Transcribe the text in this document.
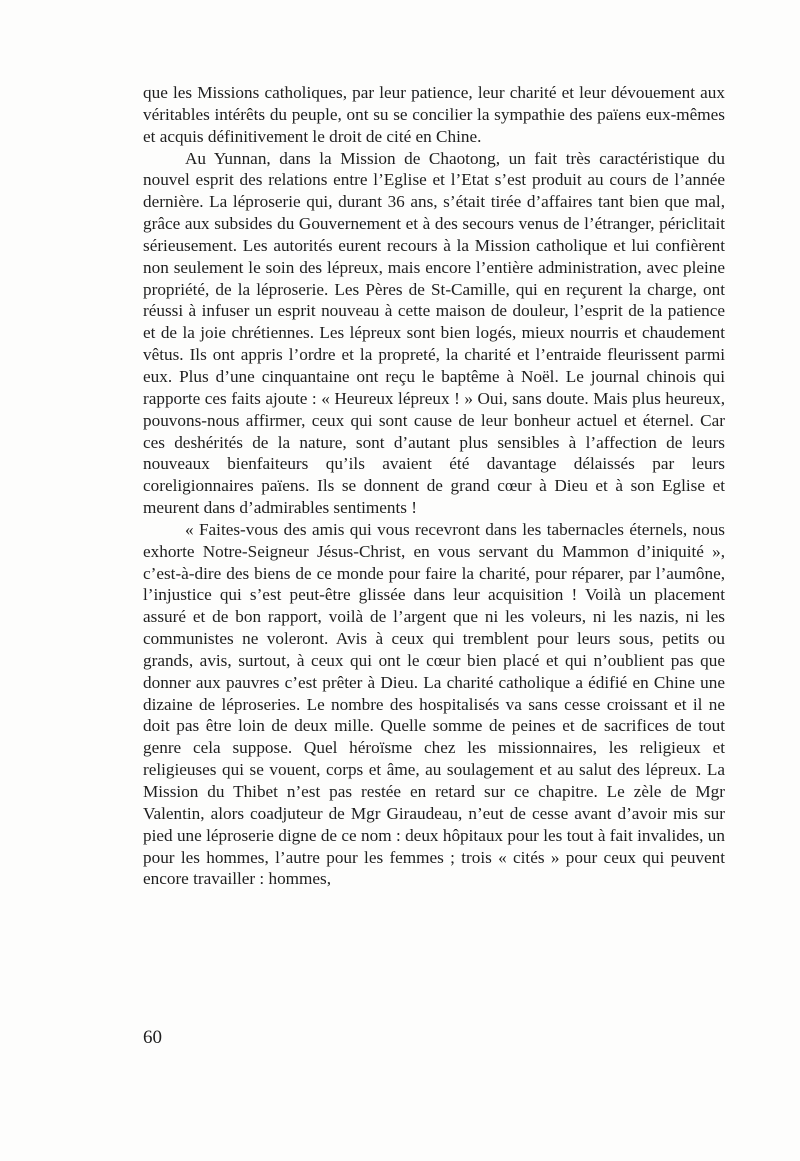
que les Missions catholiques, par leur patience, leur charité et leur dévouement aux véritables intérêts du peuple, ont su se concilier la sympathie des païens eux-mêmes et acquis définitivement le droit de cité en Chine.

Au Yunnan, dans la Mission de Chaotong, un fait très caractéristique du nouvel esprit des relations entre l’Eglise et l’Etat s’est produit au cours de l’année dernière. La léproserie qui, durant 36 ans, s’était tirée d’affaires tant bien que mal, grâce aux subsides du Gouvernement et à des secours venus de l’étranger, périclitait sérieusement. Les autorités eurent recours à la Mission catholique et lui confièrent non seulement le soin des lépreux, mais encore l’entière administration, avec pleine propriété, de la léproserie. Les Pères de St-Camille, qui en reçurent la charge, ont réussi à infuser un esprit nouveau à cette maison de douleur, l’esprit de la patience et de la joie chrétiennes. Les lépreux sont bien logés, mieux nourris et chaudement vêtus. Ils ont appris l’ordre et la propreté, la charité et l’entraide fleurissent parmi eux. Plus d’une cinquantaine ont reçu le baptême à Noël. Le journal chinois qui rapporte ces faits ajoute : « Heureux lépreux ! » Oui, sans doute. Mais plus heureux, pouvons-nous affirmer, ceux qui sont cause de leur bonheur actuel et éternel. Car ces deshérités de la nature, sont d’autant plus sensibles à l’affection de leurs nouveaux bienfaiteurs qu’ils avaient été davantage délaissés par leurs coreligionnaires païens. Ils se donnent de grand cœur à Dieu et à son Eglise et meurent dans d’admirables sentiments !

« Faites-vous des amis qui vous recevront dans les tabernacles éternels, nous exhorte Notre-Seigneur Jésus-Christ, en vous servant du Mammon d’iniquité », c’est-à-dire des biens de ce monde pour faire la charité, pour réparer, par l’aumône, l’injustice qui s’est peut-être glissée dans leur acquisition ! Voilà un placement assuré et de bon rapport, voilà de l’argent que ni les voleurs, ni les nazis, ni les communistes ne voleront. Avis à ceux qui tremblent pour leurs sous, petits ou grands, avis, surtout, à ceux qui ont le cœur bien placé et qui n’oublient pas que donner aux pauvres c’est prêter à Dieu. La charité catholique a édifié en Chine une dizaine de léproseries. Le nombre des hospitalisés va sans cesse croissant et il ne doit pas être loin de deux mille. Quelle somme de peines et de sacrifices de tout genre cela suppose. Quel héroïsme chez les missionnaires, les religieux et religieuses qui se vouent, corps et âme, au soulagement et au salut des lépreux. La Mission du Thibet n’est pas restée en retard sur ce chapitre. Le zèle de Mgr Valentin, alors coadjuteur de Mgr Giraudeau, n’eut de cesse avant d’avoir mis sur pied une léproserie digne de ce nom : deux hôpitaux pour les tout à fait invalides, un pour les hommes, l’autre pour les femmes ; trois « cités » pour ceux qui peuvent encore travailler : hommes,

60
